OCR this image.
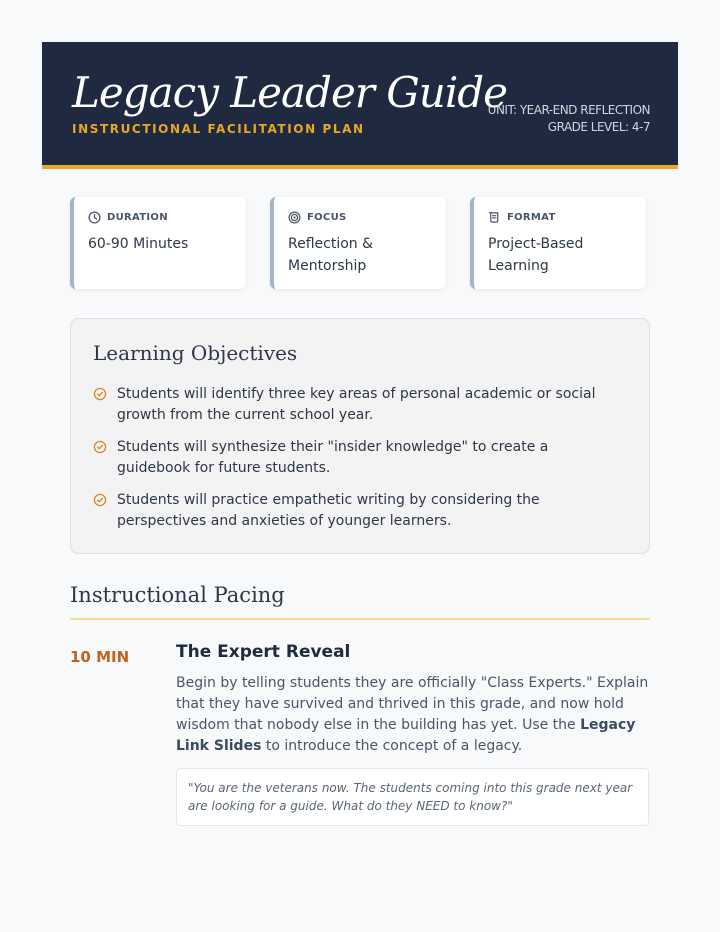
Legacy Leader Guide
INSTRUCTIONAL FACILITATION PLAN
UNIT: YEAR-END REFLECTION
GRADE LEVEL: 4-7
DURATION
60-90 Minutes
FOCUS
Reflection & Mentorship
FORMAT
Project-Based Learning
Learning Objectives
Students will identify three key areas of personal academic or social growth from the current school year.
Students will synthesize their "insider knowledge" to create a guidebook for future students.
Students will practice empathetic writing by considering the perspectives and anxieties of younger learners.
Instructional Pacing
10 MIN	The Expert Reveal
Begin by telling students they are officially "Class Experts." Explain that they have survived and thrived in this grade, and now hold wisdom that nobody else in the building has yet. Use the Legacy Link Slides to introduce the concept of a legacy.
"You are the veterans now. The students coming into this grade next year are looking for a guide. What do they NEED to know?"
